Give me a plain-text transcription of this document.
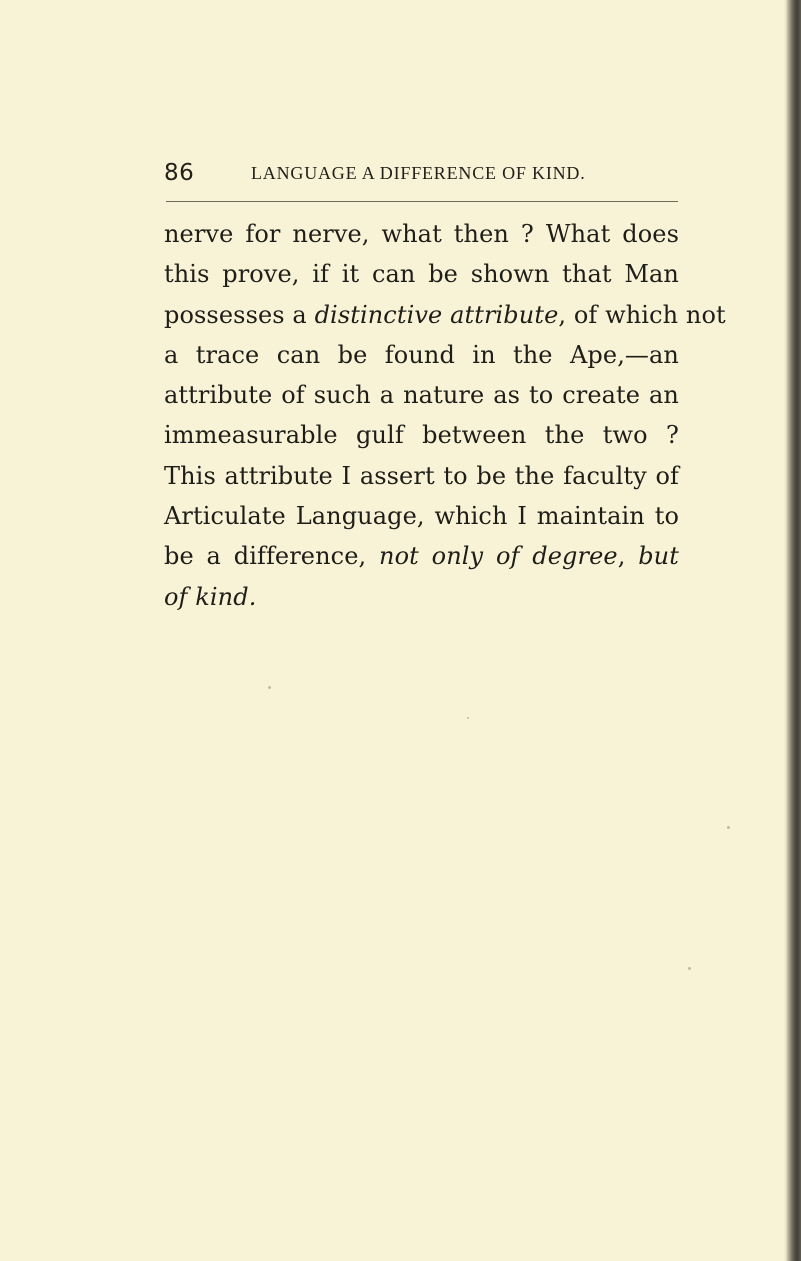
86	LANGUAGE A DIFFERENCE OF KIND.
nerve for nerve, what then ? What does
this prove, if it can be shown that Man
possesses a distinctive attribute, of which not
a trace can be found in the Ape,—an
attribute of such a nature as to create an
immeasurable gulf between the two ?
This attribute I assert to be the faculty of
Articulate Language, which I maintain to
be a difference, not only of degree, but
of kind.
